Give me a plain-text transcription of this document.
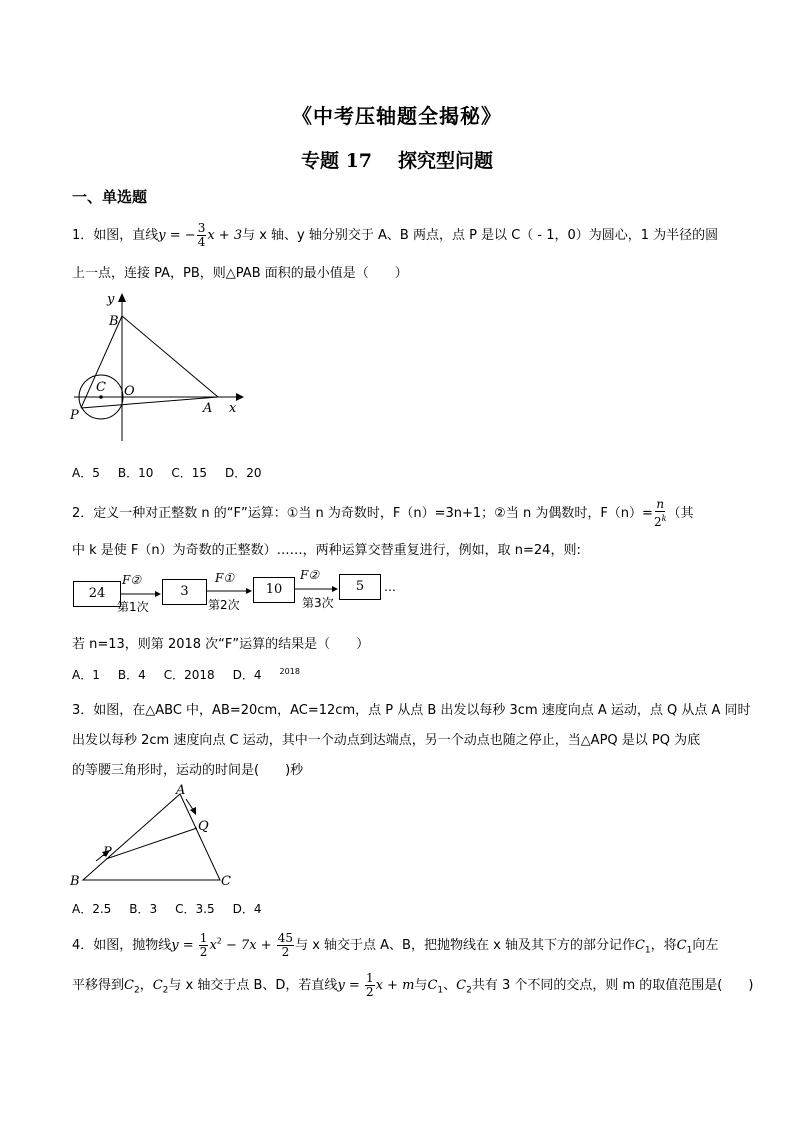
《中考压轴题全揭秘》
专题 17 探究型问题
一、单选题
1．如图，直线y = − $\frac{3}{4}$ x + 3与 x 轴、y 轴分别交于 A、B 两点，点 P 是以 C（ - 1，0）为圆心，1 为半径的圆
上一点，连接 PA，PB，则△PAB 面积的最小值是（　　）
y
B
C O
A x
P
A．5 B．10 C．15 D．20
2．定义一种对正整数 n 的“F”运算：①当 n 为奇数时，F（n）=3n+1；②当 n 为偶数时，$F(n)= \frac{n}{2^k}$ （其
中 k 是使 F（n）为奇数的正整数）……，两种运算交替重复进行，例如，取 n=24，则:
24	3	10	5
F②	F①	F②
第1次	第2次	第3次
…
若 n=13，则第 2018 次“F”运算的结果是（　　）
A．1 B．4 C．2018 D．4 $^{2018}$
3．如图，在△ABC 中，AB=20cm，AC=12cm，点 P 从点 B 出发以每秒 3cm 速度向点 A 运动，点 Q 从点 A 同时
出发以每秒 2cm 速度向点 C 运动，其中一个动点到达端点，另一个动点也随之停止，当△APQ 是以 PQ 为底
的等腰三角形时，运动的时间是(　　)秒
A
Q
P
B	C
A．2.5 B．3 C．3.5 D．4
4．如图，抛物线$y = \frac{1}{2} x^2 - 7x + \frac{45}{2}$ 与 x 轴交于点 A、B，把抛物线在 x 轴及其下方的部分记作$C_1$，将$C_1$向左
平移得到$C_2$，$C_2$与 x 轴交于点 B、D，若直线$y = \frac{1}{2}$ x + m与$C_1$、$C_2$共有 3 个不同的交点，则 m 的取值范围是(　　)
